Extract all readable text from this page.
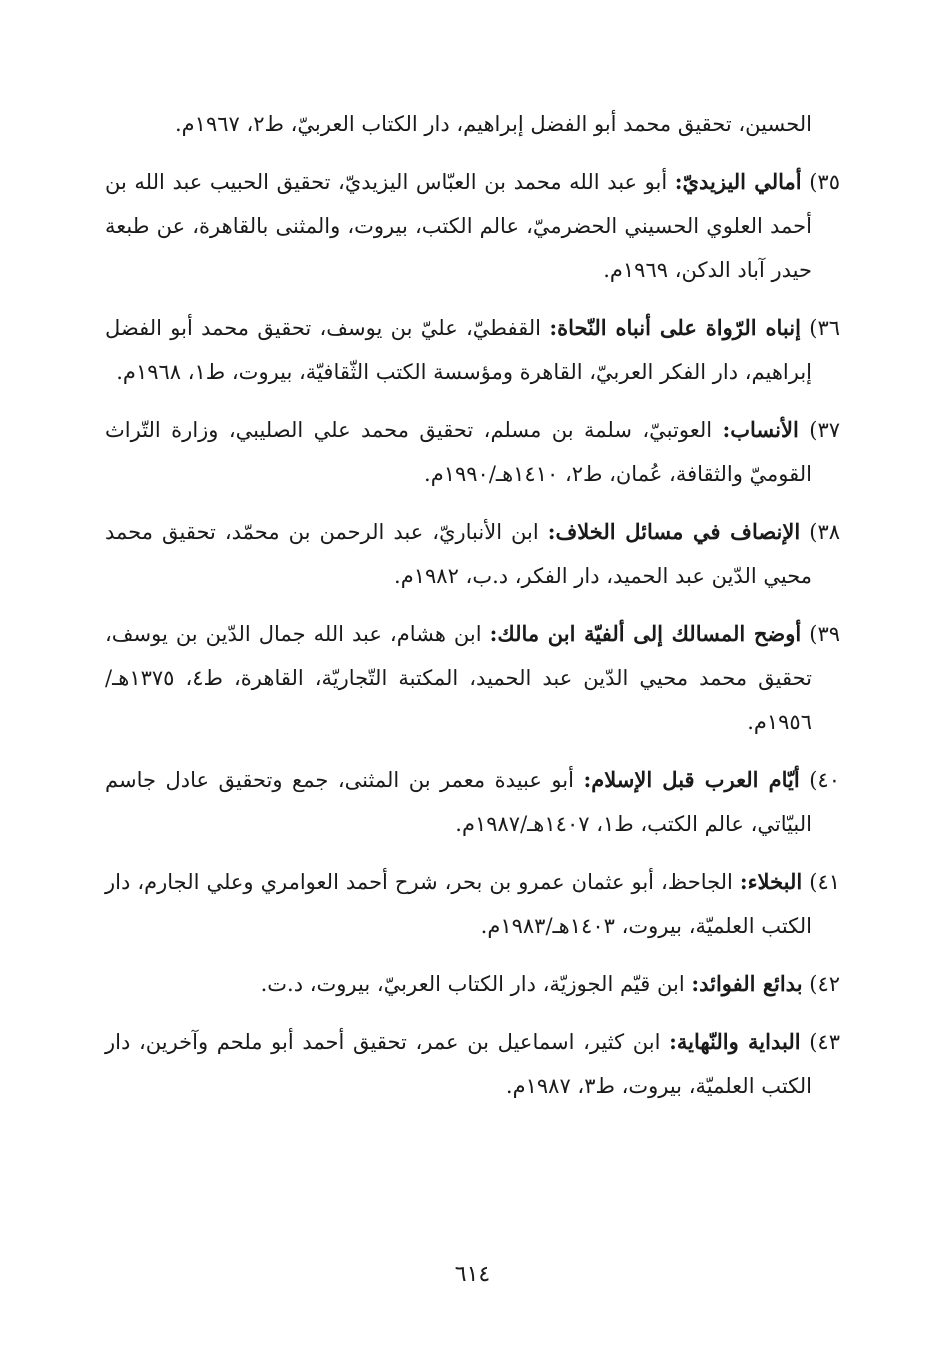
الحسين، تحقيق محمد أبو الفضل إبراهيم، دار الكتاب العربيّ، ط٢، ١٩٦٧م.

٣٥) أمالي اليزيديّ: أبو عبد الله محمد بن العبّاس اليزيديّ، تحقيق الحبيب عبد الله بن أحمد العلوي الحسيني الحضرميّ، عالم الكتب، بيروت، والمثنى بالقاهرة، عن طبعة حيدر آباد الدكن، ١٩٦٩م.

٣٦) إنباه الرّواة على أنباه النّحاة: القفطيّ، عليّ بن يوسف، تحقيق محمد أبو الفضل إبراهيم، دار الفكر العربيّ، القاهرة ومؤسسة الكتب الثّقافيّة، بيروت، ط١، ١٩٦٨م.

٣٧) الأنساب: العوتبيّ، سلمة بن مسلم، تحقيق محمد علي الصليبي، وزارة التّراث القوميّ والثقافة، عُمان، ط٢، ١٤١٠هـ/١٩٩٠م.

٣٨) الإنصاف في مسائل الخلاف: ابن الأنباريّ، عبد الرحمن بن محمّد، تحقيق محمد محيي الدّين عبد الحميد، دار الفكر، د.ب، ١٩٨٢م.

٣٩) أوضح المسالك إلى ألفيّة ابن مالك: ابن هشام، عبد الله جمال الدّين بن يوسف، تحقيق محمد محيي الدّين عبد الحميد، المكتبة التّجاريّة، القاهرة، ط٤، ١٣٧٥هـ/١٩٥٦م.

٤٠) أيّام العرب قبل الإسلام: أبو عبيدة معمر بن المثنى، جمع وتحقيق عادل جاسم البيّاتي، عالم الكتب، ط١، ١٤٠٧هـ/١٩٨٧م.

٤١) البخلاء: الجاحظ، أبو عثمان عمرو بن بحر، شرح أحمد العوامري وعلي الجارم، دار الكتب العلميّة، بيروت، ١٤٠٣هـ/١٩٨٣م.

٤٢) بدائع الفوائد: ابن قيّم الجوزيّة، دار الكتاب العربيّ، بيروت، د.ت.

٤٣) البداية والنّهاية: ابن كثير، اسماعيل بن عمر، تحقيق أحمد أبو ملحم وآخرين، دار الكتب العلميّة، بيروت، ط٣، ١٩٨٧م.

٦١٤
